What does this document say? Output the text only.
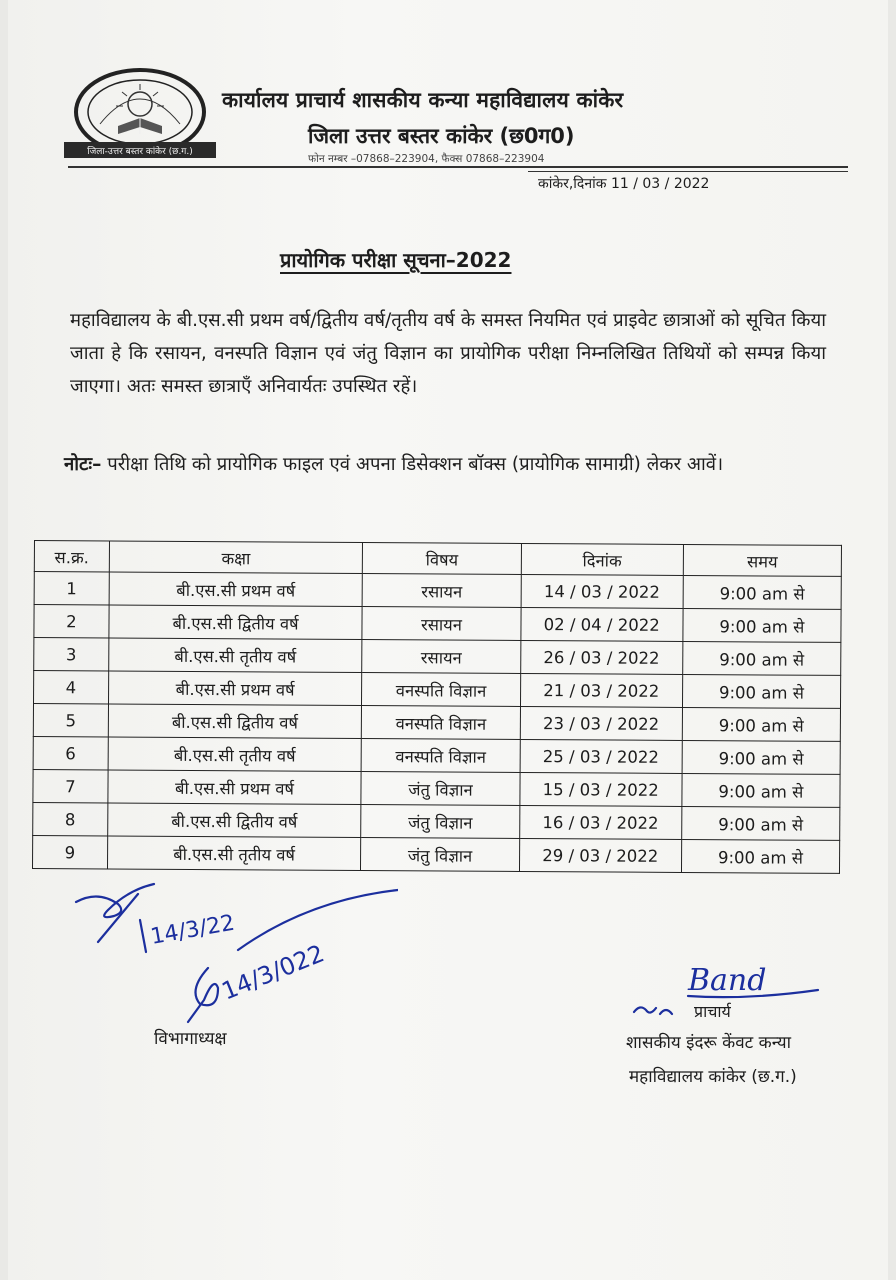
जिला-उत्तर बस्तर कांकेर (छ.ग.)
कार्यालय प्राचार्य शासकीय कन्या महाविद्यालय कांकेर
जिला उत्तर बस्तर कांकेर (छ0ग0)
फोन नम्बर –07868–223904, फैक्स 07868–223904
कांकेर,दिनांक 11 / 03 / 2022
प्रायोगिक परीक्षा सूचना–2022
महाविद्यालय के बी.एस.सी प्रथम वर्ष/द्वितीय वर्ष/तृतीय वर्ष के समस्त नियमित एवं प्राइवेट छात्राओं को सूचित किया जाता हे कि रसायन, वनस्पति विज्ञान एवं जंतु विज्ञान का प्रायोगिक परीक्षा निम्नलिखित तिथियों को सम्पन्न किया जाएगा। अतः समस्त छात्राएँ अनिवार्यतः उपस्थित रहें।
नोटः– परीक्षा तिथि को प्रायोगिक फाइल एवं अपना डिसेक्शन बॉक्स (प्रायोगिक सामाग्री) लेकर आवें।
स.क्र.	कक्षा	विषय	दिनांक	समय
1	बी.एस.सी प्रथम वर्ष	रसायन	14 / 03 / 2022	9:00 am से
2	बी.एस.सी द्वितीय वर्ष	रसायन	02 / 04 / 2022	9:00 am से
3	बी.एस.सी तृतीय वर्ष	रसायन	26 / 03 / 2022	9:00 am से
4	बी.एस.सी प्रथम वर्ष	वनस्पति विज्ञान	21 / 03 / 2022	9:00 am से
5	बी.एस.सी द्वितीय वर्ष	वनस्पति विज्ञान	23 / 03 / 2022	9:00 am से
6	बी.एस.सी तृतीय वर्ष	वनस्पति विज्ञान	25 / 03 / 2022	9:00 am से
7	बी.एस.सी प्रथम वर्ष	जंतु विज्ञान	15 / 03 / 2022	9:00 am से
8	बी.एस.सी द्वितीय वर्ष	जंतु विज्ञान	16 / 03 / 2022	9:00 am से
9	बी.एस.सी तृतीय वर्ष	जंतु विज्ञान	29 / 03 / 2022	9:00 am से
14/3/22
14/3/022
विभागाध्यक्ष
Band
प्राचार्य
शासकीय इंदरू केंवट कन्या
महाविद्यालय कांकेर (छ.ग.)
